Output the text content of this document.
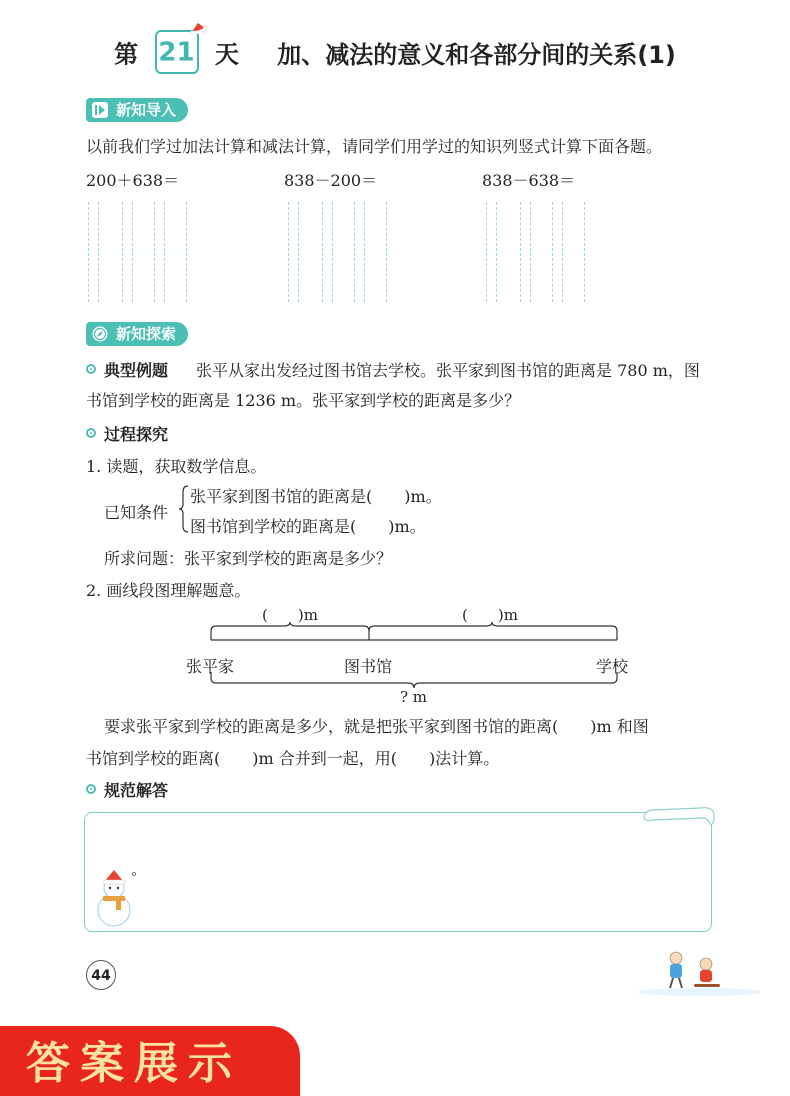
第 21 天 加、减法的意义和各部分间的关系(1)
新知导入
以前我们学过加法计算和减法计算，请同学们用学过的知识列竖式计算下面各题。
200＋638＝	838－200＝	838－638＝
新知探索
典型例题 张平从家出发经过图书馆去学校。张平家到图书馆的距离是 780 m，图
书馆到学校的距离是 1236 m。张平家到学校的距离是多少？
过程探究
1. 读题，获取数学信息。
已知条件
张平家到图书馆的距离是(　　)m。
图书馆到学校的距离是(　　)m。
所求问题：张平家到学校的距离是多少？
2. 画线段图理解题意。
(　　)m	(　　)m
张平家	图书馆	学校
? m
要求张平家到学校的距离是多少，就是把张平家到图书馆的距离(　　)m 和图
书馆到学校的距离(　　)m 合并到一起，用(　　)法计算。
规范解答
44
答案展示
